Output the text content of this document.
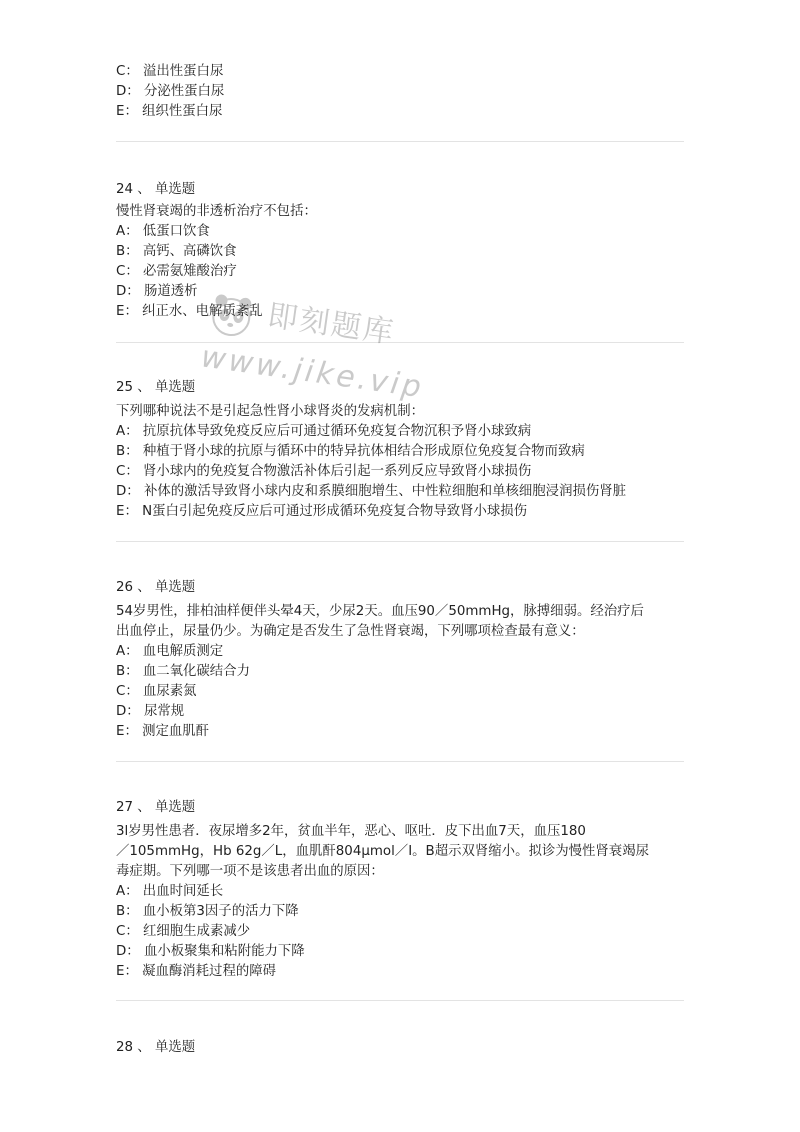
C： 溢出性蛋白尿
D： 分泌性蛋白尿
E： 组织性蛋白尿
24 、 单选题
慢性肾衰竭的非透析治疗不包括：
A： 低蛋口饮食
B： 高钙、高磷饮食
C： 必需氨雉酸治疗
D： 肠道透析
E： 纠正水、电解质紊乱
25 、 单选题
下列哪种说法不是引起急性肾小球肾炎的发病机制：
A： 抗原抗体导致免疫反应后可通过循环免疫复合物沉积予肾小球致病
B： 种植于肾小球的抗原与循环中的特异抗体相结合形成原位免疫复合物而致病
C： 肾小球内的免疫复合物激活补体后引起一系列反应导致肾小球损伤
D： 补体的激活导致肾小球内皮和系膜细胞增生、中性粒细胞和单核细胞浸润损伤肾脏
E： N蛋白引起免疫反应后可通过形成循环免疫复合物导致肾小球损伤
26 、 单选题
54岁男性，排柏油样便伴头晕4天，少尿2天。血压90／50mmHg，脉搏细弱。经治疗后
出血停止，尿量仍少。为确定是否发生了急性肾衰竭，下列哪项检查最有意义：
A： 血电解质测定
B： 血二氧化碳结合力
C： 血尿素氮
D： 尿常规
E： 测定血肌酐
27 、 单选题
3l岁男性患者．夜尿增多2年，贫血半年，恶心、呕吐．皮下出血7天，血压180
／105mmHg，Hb 62g／L，血肌酐804μmol／I。B超示双肾缩小。拟诊为慢性肾衰竭尿
毒症期。下列哪一项不是该患者出血的原因：
A： 出血时间延长
B： 血小板第3因子的活力下降
C： 红细胞生成素减少
D： 血小板聚集和粘附能力下降
E： 凝血酶消耗过程的障碍
28 、 单选题
即刻题库
www.jike.vip
